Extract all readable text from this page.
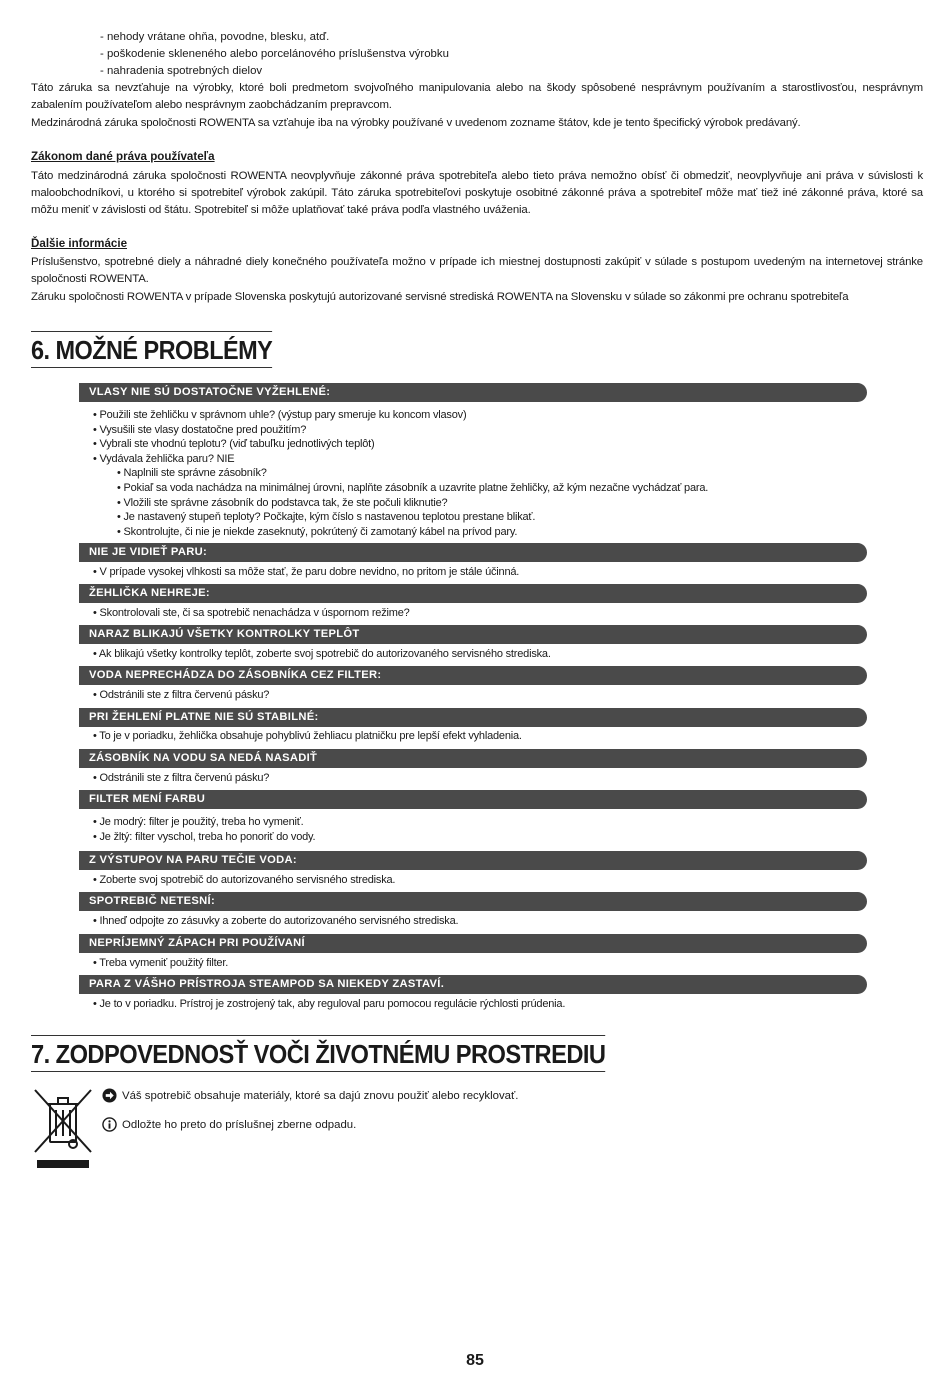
- nehody vrátane ohňa, povodne, blesku, atď.
- poškodenie skleneného alebo porcelánového príslušenstva výrobku
- nahradenia spotrebných dielov
Táto záruka sa nevzťahuje na výrobky, ktoré boli predmetom svojvoľného manipulovania alebo na škody spôsobené nesprávnym používaním a starostlivosťou, nesprávnym zabalením používateľom alebo nesprávnym zaobchádzaním prepravcom.
Medzinárodná záruka spoločnosti ROWENTA sa vzťahuje iba na výrobky používané v uvedenom zozname štátov, kde je tento špecifický výrobok predávaný.
Zákonom dané práva používateľa
Táto medzinárodná záruka spoločnosti ROWENTA neovplyvňuje zákonné práva spotrebiteľa alebo tieto práva nemožno obísť či obmedziť, neovplyvňuje ani práva v súvislosti k maloobchodníkovi, u ktorého si spotrebiteľ výrobok zakúpil. Táto záruka spotrebiteľovi poskytuje osobitné zákonné práva a spotrebiteľ môže mať tiež iné zákonné práva, ktoré sa môžu meniť v závislosti od štátu. Spotrebiteľ si môže uplatňovať také práva podľa vlastného uváženia.
Ďalšie informácie
Príslušenstvo, spotrebné diely a náhradné diely konečného používateľa možno v prípade ich miestnej dostupnosti zakúpiť v súlade s postupom uvedeným na internetovej stránke spoločnosti ROWENTA.
Záruku spoločnosti ROWENTA v prípade Slovenska poskytujú autorizované servisné strediská ROWENTA na Slovensku v súlade so zákonmi pre ochranu spotrebiteľa
6. MOŽNÉ PROBLÉMY
VLASY NIE SÚ DOSTATOČNE VYŽEHLENÉ:
• Použili ste žehličku v správnom uhle? (výstup pary smeruje ku koncom vlasov)
• Vysušili ste vlasy dostatočne pred použitím?
• Vybrali ste vhodnú teplotu? (viď tabuľku jednotlivých teplôt)
• Vydávala žehlička paru? NIE
• Naplnili ste správne zásobník?
• Pokiaľ sa voda nachádza na minimálnej úrovni, naplňte zásobník a uzavrite platne žehličky, až kým nezačne vychádzať para.
• Vložili ste správne zásobník do podstavca tak, že ste počuli kliknutie?
• Je nastavený stupeň teploty? Počkajte, kým číslo s nastavenou teplotou prestane blikať.
• Skontrolujte, či nie je niekde zaseknutý, pokrútený či zamotaný kábel na prívod pary.
NIE JE VIDIEŤ PARU:
• V prípade vysokej vlhkosti sa môže stať, že paru dobre nevidno, no pritom je stále účinná.
ŽEHLIČKA NEHREJE:
• Skontrolovali ste, či sa spotrebič nenachádza v úspornom režime?
NARAZ BLIKAJÚ VŠETKY KONTROLKY TEPLÔT
• Ak blikajú všetky kontrolky teplôt, zoberte svoj spotrebič do autorizovaného servisného strediska.
VODA NEPRECHÁDZA DO ZÁSOBNÍKA CEZ FILTER:
• Odstránili ste z filtra červenú pásku?
PRI ŽEHLENÍ PLATNE NIE SÚ STABILNÉ:
• To je v poriadku, žehlička obsahuje pohyblivú žehliacu platničku pre lepší efekt vyhladenia.
ZÁSOBNÍK NA VODU SA NEDÁ NASADIŤ
• Odstránili ste z filtra červenú pásku?
FILTER MENÍ FARBU
• Je modrý: filter je použitý, treba ho vymeniť.
• Je žltý: filter vyschol, treba ho ponoriť do vody.
Z VÝSTUPOV NA PARU TEČIE VODA:
• Zoberte svoj spotrebič do autorizovaného servisného strediska.
SPOTREBIČ NETESNÍ:
• Ihneď odpojte zo zásuvky a zoberte do autorizovaného servisného strediska.
NEPRÍJEMNÝ ZÁPACH PRI POUŽÍVANÍ
• Treba vymeniť použitý filter.
PARA Z VÁŠHO PRÍSTROJA STEAMPOD SA NIEKEDY ZASTAVÍ.
• Je to v poriadku. Prístroj je zostrojený tak, aby reguloval paru pomocou regulácie rýchlosti prúdenia.
7. ZODPOVEDNOSŤ VOČI ŽIVOTNÉMU PROSTREDIU
Váš spotrebič obsahuje materiály, ktoré sa dajú znovu použiť alebo recyklovať.
Odložte ho preto do príslušnej zberne odpadu.
85
